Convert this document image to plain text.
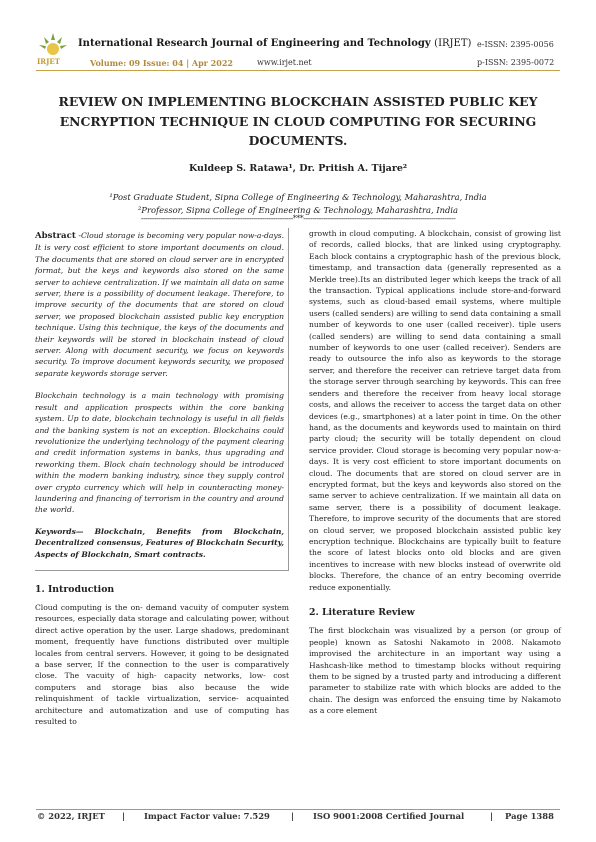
IRJET
International Research Journal of Engineering and Technology (IRJET) e-ISSN: 2395-0056
Volume: 09 Issue: 04 | Apr 2022	www.irjet.net	p-ISSN: 2395-0072
REVIEW ON IMPLEMENTING BLOCKCHAIN ASSISTED PUBLIC KEY ENCRYPTION TECHNIQUE IN CLOUD COMPUTING FOR SECURING DOCUMENTS.
Kuldeep S. Ratawa¹, Dr. Pritish A. Tijare²
¹Post Graduate Student, Sipna College of Engineering & Technology, Maharashtra, India
²Professor, Sipna College of Engineering & Technology, Maharashtra, India
---------------------------------------------------------------------***---------------------------------------------------------------------
Abstract -Cloud storage is becoming very popular now-a-days. It is very cost efficient to store important documents on cloud. The documents that are stored on cloud server are in encrypted format, but the keys and keywords also stored on the same server to achieve centralization. If we maintain all data on same server, there is a possibility of document leakage. Therefore, to improve security of the documents that are stored on cloud server, we proposed blockchain assisted public key encryption technique. Using this technique, the keys of the documents and their keywords will be stored in blockchain instead of cloud server. Along with document security, we focus on keywords security. To improve document keywords security, we proposed separate keywords storage server.

Blockchain technology is a main technology with promising result and application prospects within the core banking system. Up to date, blockchain technology is useful in all fields and the banking system is not an exception. Blockchains could revolutionize the underlying technology of the payment clearing and credit information systems in banks, thus upgrading and reworking them. Block chain technology should be introduced within the modern banking industry, since they supply control over crypto currency which will help in counteracting money-laundering and financing of terrorism in the country and around the world.

Keywords— Blockchain, Benefits from Blockchain, Decentralized consensus, Features of Blockchain Security, Aspects of Blockchain, Smart contracts.

1. Introduction

Cloud computing is the on- demand vacuity of computer system resources, especially data storage and calculating power, without direct active operation by the user. Large shadows, predominant moment, frequently have functions distributed over multiple locales from central servers. However, it going to be designated a base server, If the connection to the user is comparatively close. The vacuity of high- capacity networks, low- cost computers and storage bias also because the wide relinquishment of tackle virtualization, service- acquainted architecture and automatization and use of computing has resulted to

growth in cloud computing. A blockchain, consist of growing list of records, called blocks, that are linked using cryptography. Each block contains a cryptographic hash of the previous block, timestamp, and transaction data (generally represented as a Merkle tree).Its an distributed leger which keeps the track of all the transaction. Typical applications include store-and-forward systems, such as cloud-based email systems, where multiple users (called senders) are willing to send data containing a small number of keywords to one user (called receiver). tiple users (called senders) are willing to send data containing a small number of keywords to one user (called receiver). Senders are ready to outsource the info also as keywords to the storage server, and therefore the receiver can retrieve target data from the storage server through searching by keywords. This can free senders and therefore the receiver from heavy local storage costs, and allows the receiver to access the target data on other devices (e.g., smartphones) at a later point in time. On the other hand, as the documents and keywords used to maintain on third party cloud; the security will be totally dependent on cloud service provider. Cloud storage is becoming very popular now-a-days. It is very cost efficient to store important documents on cloud. The documents that are stored on cloud server are in encrypted format, but the keys and keywords also stored on the same server to achieve centralization. If we maintain all data on same server, there is a possibility of document leakage. Therefore, to improve security of the documents that are stored on cloud server, we proposed blockchain assisted public key encryption technique. Blockchains are typically built to feature the score of latest blocks onto old blocks and are given incentives to increase with new blocks instead of overwrite old blocks. Therefore, the chance of an entry becoming override reduce exponentially.

2. Literature Review

The first blockchain was visualized by a person (or group of people) known as Satoshi Nakamoto in 2008. Nakamoto improvised the architecture in an important way using a Hashcash-like method to timestamp blocks without requiring them to be signed by a trusted party and introducing a different parameter to stabilize rate with which blocks are added to the chain. The design was enforced the ensuing time by Nakamoto as a core element

© 2022, IRJET | Impact Factor value: 7.529	| ISO 9001:2008 Certified Journal	| Page 1388
